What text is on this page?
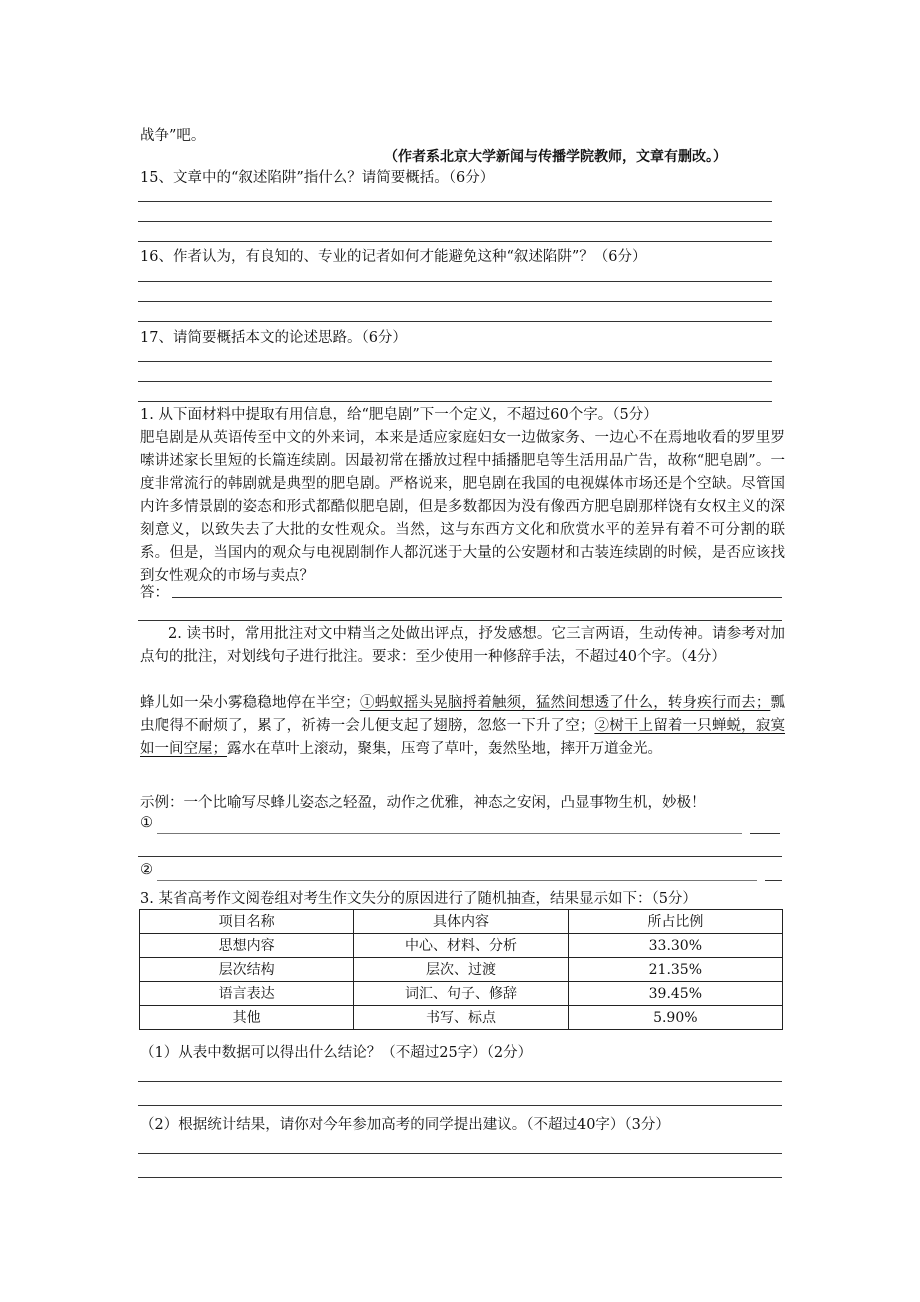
战争”吧。
（作者系北京大学新闻与传播学院教师，文章有删改。）
15、文章中的“叙述陷阱”指什么？请简要概括。（6分）
16、作者认为，有良知的、专业的记者如何才能避免这种“叙述陷阱”？（6分）
17、请简要概括本文的论述思路。（6分）
1. 从下面材料中提取有用信息，给“肥皂剧”下一个定义，不超过60个字。（5分）
肥皂剧是从英语传至中文的外来词，本来是适应家庭妇女一边做家务、一边心不在焉地收看的罗里罗嗦讲述家长里短的长篇连续剧。因最初常在播放过程中插播肥皂等生活用品广告，故称“肥皂剧”。一度非常流行的韩剧就是典型的肥皂剧。严格说来，肥皂剧在我国的电视媒体市场还是个空缺。尽管国内许多情景剧的姿态和形式都酷似肥皂剧，但是多数都因为没有像西方肥皂剧那样饶有女权主义的深刻意义，以致失去了大批的女性观众。当然，这与东西方文化和欣赏水平的差异有着不可分割的联系。但是，当国内的观众与电视剧制作人都沉迷于大量的公安题材和古装连续剧的时候，是否应该找到女性观众的市场与卖点？
答：
2. 读书时，常用批注对文中精当之处做出评点，抒发感想。它三言两语，生动传神。请参考对加点句的批注，对划线句子进行批注。要求：至少使用一种修辞手法，不超过40个字。（4分）
蜂儿如一朵小雾稳稳地停在半空；①蚂蚁摇头晃脑捋着触须，猛然间想透了什么，转身疾行而去；瓢虫爬得不耐烦了，累了，祈祷一会儿便支起了翅膀，忽悠一下升了空；②树干上留着一只蝉蜕，寂寞如一间空屋；露水在草叶上滚动，聚集，压弯了草叶，轰然坠地，摔开万道金光。
示例：一个比喻写尽蜂儿姿态之轻盈，动作之优雅，神态之安闲，凸显事物生机，妙极！
①
②
3. 某省高考作文阅卷组对考生作文失分的原因进行了随机抽查，结果显示如下：（5分）
项目名称	具体内容	所占比例
思想内容	中心、材料、分析	33.30%
层次结构	层次、过渡	21.35%
语言表达	词汇、句子、修辞	39.45%
其他	书写、标点	5.90%
（1）从表中数据可以得出什么结论？（不超过25字）（2分）
（2）根据统计结果，请你对今年参加高考的同学提出建议。（不超过40字）（3分）
